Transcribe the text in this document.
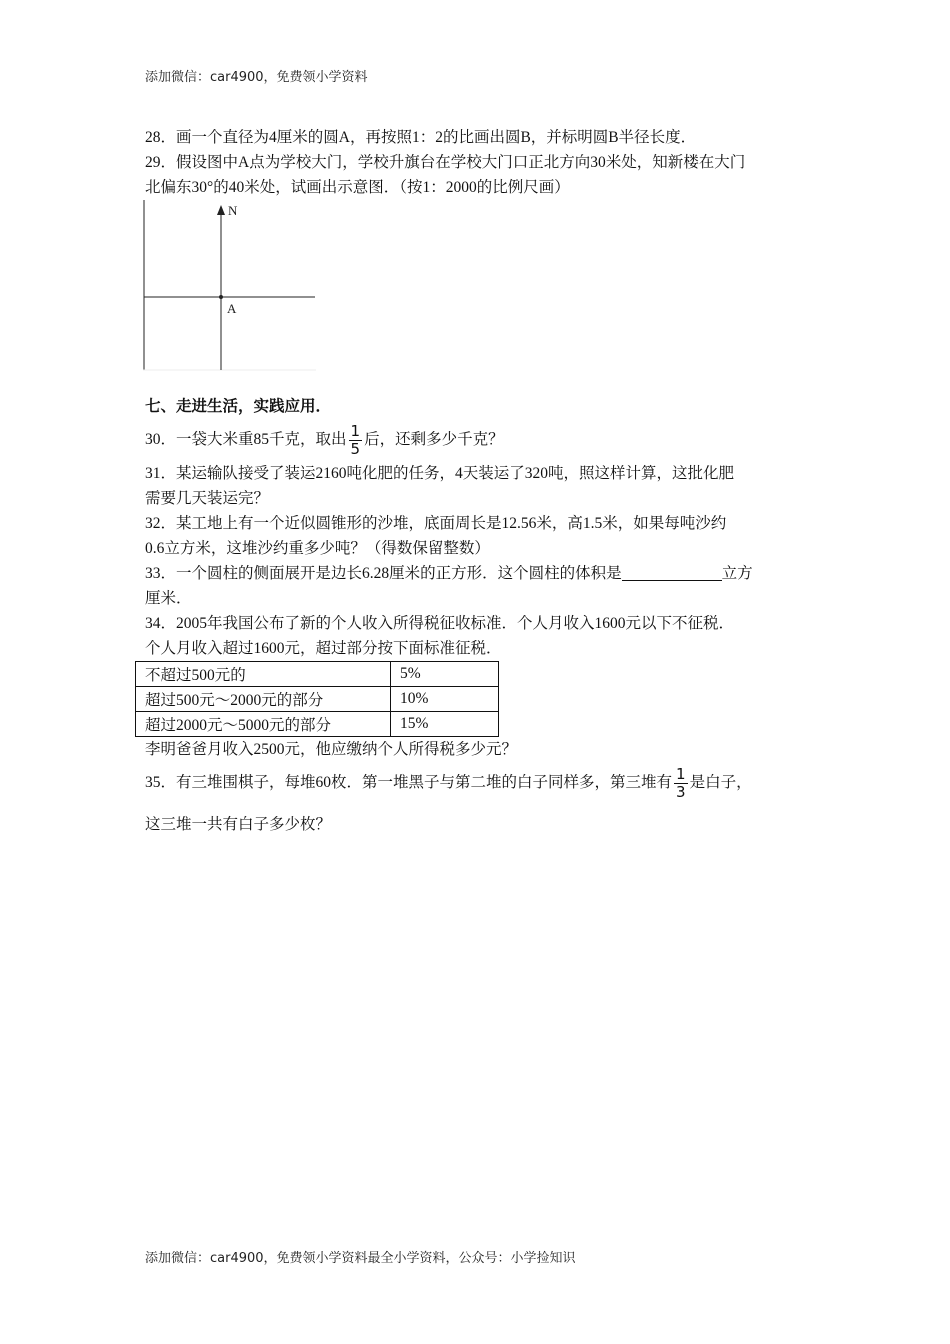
添加微信：car4900，免费领小学资料
28．画一个直径为4厘米的圆A，再按照1：2的比画出圆B，并标明圆B半径长度．
29．假设图中A点为学校大门，学校升旗台在学校大门口正北方向30米处，知新楼在大门
北偏东30°的40米处，试画出示意图．（按1：2000的比例尺画）
七、走进生活，实践应用．
30．一袋大米重85千克，取出 $\frac{1}{5}$ 后，还剩多少千克？
31．某运输队接受了装运2160吨化肥的任务，4天装运了320吨，照这样计算，这批化肥
需要几天装运完？
32．某工地上有一个近似圆锥形的沙堆，底面周长是12.56米，高1.5米，如果每吨沙约
0.6立方米，这堆沙约重多少吨？（得数保留整数）
33．一个圆柱的侧面展开是边长6.28厘米的正方形．这个圆柱的体积是	立方
厘米．
34．2005年我国公布了新的个人收入所得税征收标准．个人月收入1600元以下不征税．
个人月收入超过1600元，超过部分按下面标准征税．
不超过500元的	5%
超过500元～2000元的部分	10%
超过2000元～5000元的部分	15%
李明爸爸月收入2500元，他应缴纳个人所得税多少元？
35．有三堆围棋子，每堆60枚．第一堆黑子与第二堆的白子同样多，第三堆有 $\frac{1}{3}$ 是白子，
这三堆一共有白子多少枚？
N
A
添加微信：car4900，免费领小学资料最全小学资料，公众号：小学捡知识
